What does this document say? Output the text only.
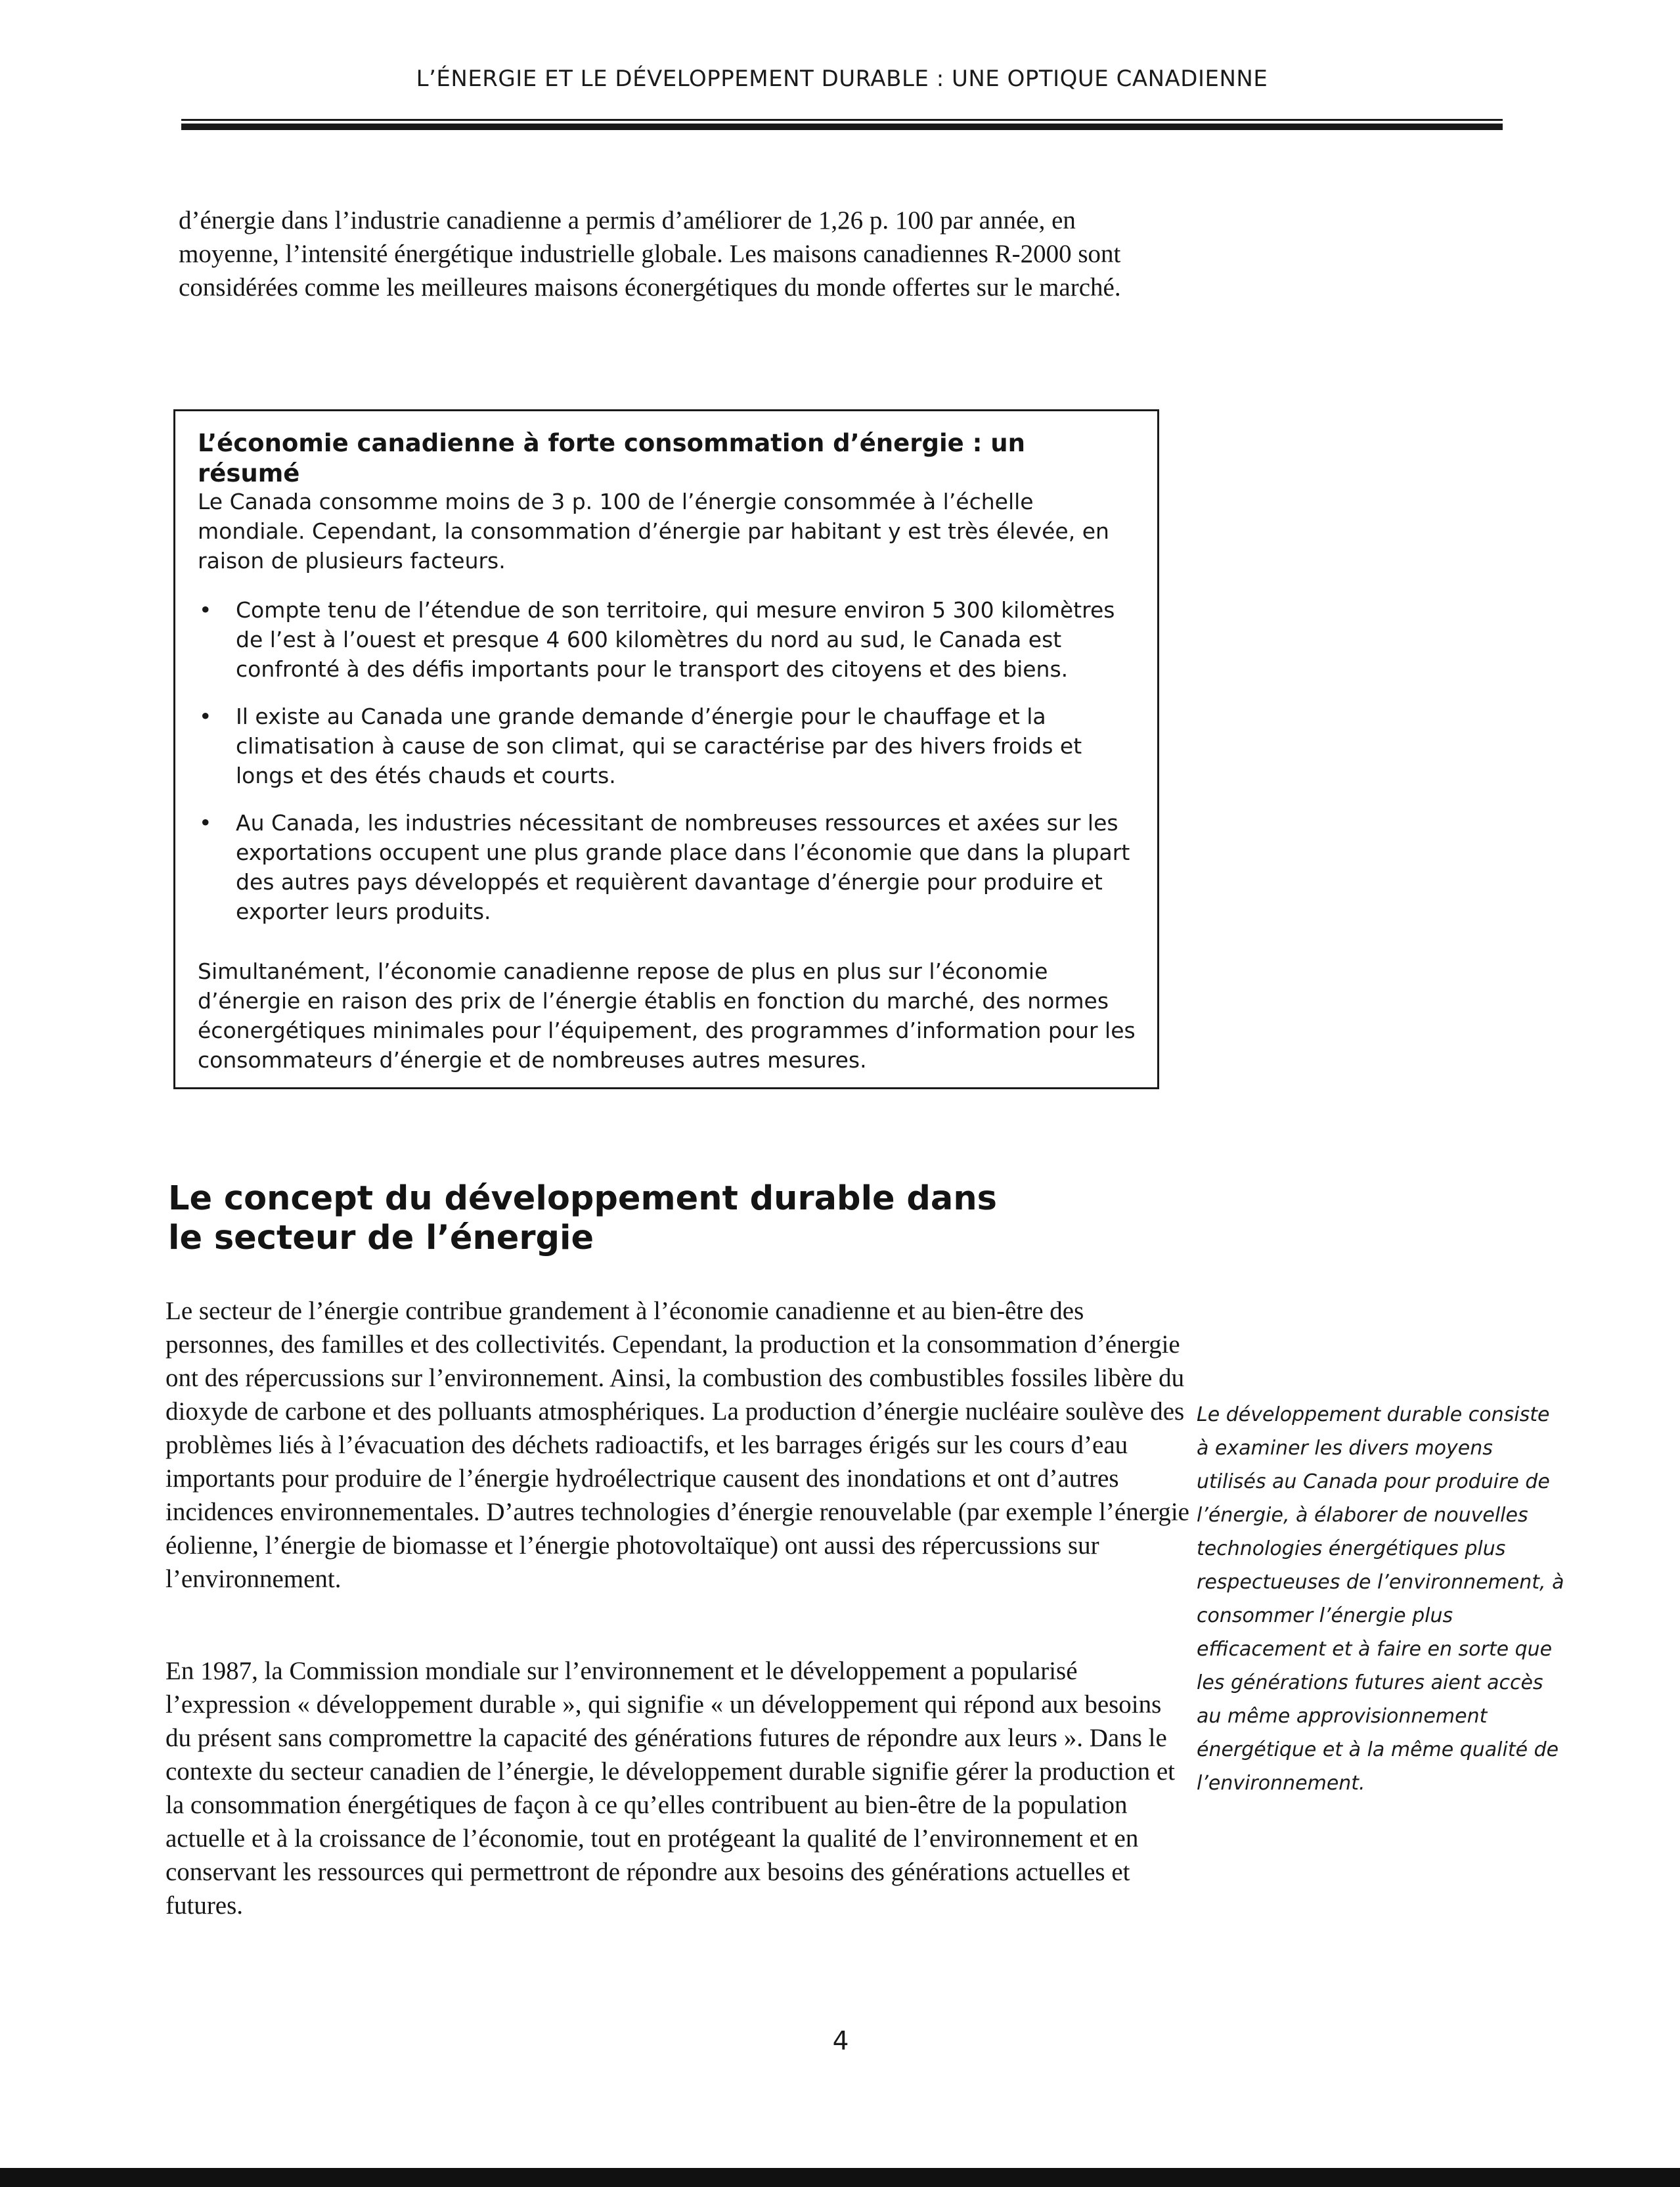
L’ÉNERGIE ET LE DÉVELOPPEMENT DURABLE : UNE OPTIQUE CANADIENNE

d’énergie dans l’industrie canadienne a permis d’améliorer de 1,26 p. 100 par année, en moyenne, l’intensité énergétique industrielle globale. Les maisons canadiennes R-2000 sont considérées comme les meilleures maisons éconergétiques du monde offertes sur le marché.

L’économie canadienne à forte consommation d’énergie : un résumé

Le Canada consomme moins de 3 p. 100 de l’énergie consommée à l’échelle mondiale. Cependant, la consommation d’énergie par habitant y est très élevée, en raison de plusieurs facteurs.

• Compte tenu de l’étendue de son territoire, qui mesure environ 5 300 kilomètres de l’est à l’ouest et presque 4 600 kilomètres du nord au sud, le Canada est confronté à des défis importants pour le transport des citoyens et des biens.
• Il existe au Canada une grande demande d’énergie pour le chauffage et la climatisation à cause de son climat, qui se caractérise par des hivers froids et longs et des étés chauds et courts.
• Au Canada, les industries nécessitant de nombreuses ressources et axées sur les exportations occupent une plus grande place dans l’économie que dans la plupart des autres pays développés et requièrent davantage d’énergie pour produire et exporter leurs produits.

Simultanément, l’économie canadienne repose de plus en plus sur l’économie d’énergie en raison des prix de l’énergie établis en fonction du marché, des normes éconergétiques minimales pour l’équipement, des programmes d’information pour les consommateurs d’énergie et de nombreuses autres mesures.

Le concept du développement durable dans le secteur de l’énergie

Le secteur de l’énergie contribue grandement à l’économie canadienne et au bien-être des personnes, des familles et des collectivités. Cependant, la production et la consommation d’énergie ont des répercussions sur l’environnement. Ainsi, la combustion des combustibles fossiles libère du dioxyde de carbone et des polluants atmosphériques. La production d’énergie nucléaire soulève des problèmes liés à l’évacuation des déchets radioactifs, et les barrages érigés sur les cours d’eau importants pour produire de l’énergie hydroélectrique causent des inondations et ont d’autres incidences environnementales. D’autres technologies d’énergie renouvelable (par exemple l’énergie éolienne, l’énergie de biomasse et l’énergie photovoltaïque) ont aussi des répercussions sur l’environnement.

En 1987, la Commission mondiale sur l’environnement et le développement a popularisé l’expression « développement durable », qui signifie « un développement qui répond aux besoins du présent sans compromettre la capacité des générations futures de répondre aux leurs ». Dans le contexte du secteur canadien de l’énergie, le développement durable signifie gérer la production et la consommation énergétiques de façon à ce qu’elles contribuent au bien-être de la population actuelle et à la croissance de l’économie, tout en protégeant la qualité de l’environnement et en conservant les ressources qui permettront de répondre aux besoins des générations actuelles et futures.

Le développement durable consiste à examiner les divers moyens utilisés au Canada pour produire de l’énergie, à élaborer de nouvelles technologies énergétiques plus respectueuses de l’environnement, à consommer l’énergie plus efficacement et à faire en sorte que les générations futures aient accès au même approvisionnement énergétique et à la même qualité de l’environnement.

4
